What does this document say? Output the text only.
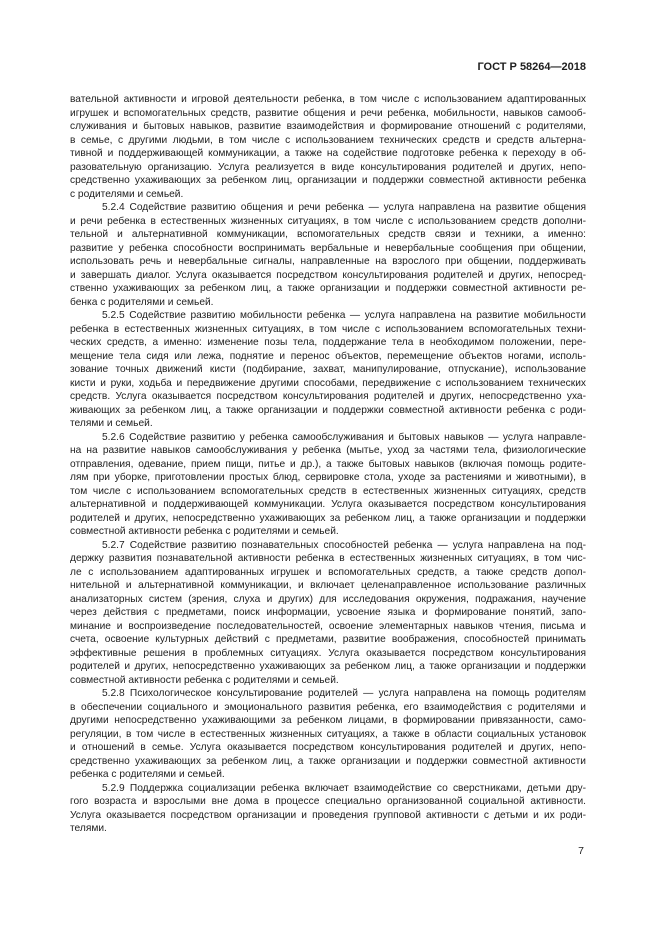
ГОСТ Р 58264—2018
вательной активности и игровой деятельности ребенка, в том числе с использованием адаптированных
игрушек и вспомогательных средств, развитие общения и речи ребенка, мобильности, навыков самооб-
служивания и бытовых навыков, развитие взаимодействия и формирование отношений с родителями,
в семье, с другими людьми, в том числе с использованием технических средств и средств альтерна-
тивной и поддерживающей коммуникации, а также на содействие подготовке ребенка к переходу в об-
разовательную организацию. Услуга реализуется в виде консультирования родителей и других, непо-
средственно ухаживающих за ребенком лиц, организации и поддержки совместной активности ребенка
с родителями и семьей.
5.2.4 Содействие развитию общения и речи ребенка — услуга направлена на развитие общения
и речи ребенка в естественных жизненных ситуациях, в том числе с использованием средств дополни-
тельной и альтернативной коммуникации, вспомогательных средств связи и техники, а именно:
развитие у ребенка способности воспринимать вербальные и невербальные сообщения при общении,
использовать речь и невербальные сигналы, направленные на взрослого при общении, поддерживать
и завершать диалог. Услуга оказывается посредством консультирования родителей и других, непосред-
ственно ухаживающих за ребенком лиц, а также организации и поддержки совместной активности ре-
бенка с родителями и семьей.
5.2.5 Содействие развитию мобильности ребенка — услуга направлена на развитие мобильности
ребенка в естественных жизненных ситуациях, в том числе с использованием вспомогательных техни-
ческих средств, а именно: изменение позы тела, поддержание тела в необходимом положении, пере-
мещение тела сидя или лежа, поднятие и перенос объектов, перемещение объектов ногами, исполь-
зование точных движений кисти (подбирание, захват, манипулирование, отпускание), использование
кисти и руки, ходьба и передвижение другими способами, передвижение с использованием технических
средств. Услуга оказывается посредством консультирования родителей и других, непосредственно уха-
живающих за ребенком лиц, а также организации и поддержки совместной активности ребенка с роди-
телями и семьей.
5.2.6 Содействие развитию у ребенка самообслуживания и бытовых навыков — услуга направле-
на на развитие навыков самообслуживания у ребенка (мытье, уход за частями тела, физиологические
отправления, одевание, прием пищи, питье и др.), а также бытовых навыков (включая помощь родите-
лям при уборке, приготовлении простых блюд, сервировке стола, уходе за растениями и животными), в
том числе с использованием вспомогательных средств в естественных жизненных ситуациях, средств
альтернативной и поддерживающей коммуникации. Услуга оказывается посредством консультирования
родителей и других, непосредственно ухаживающих за ребенком лиц, а также организации и поддержки
совместной активности ребенка с родителями и семьей.
5.2.7 Содействие развитию познавательных способностей ребенка — услуга направлена на под-
держку развития познавательной активности ребенка в естественных жизненных ситуациях, в том чис-
ле с использованием адаптированных игрушек и вспомогательных средств, а также средств допол-
нительной и альтернативной коммуникации, и включает целенаправленное использование различных
анализаторных систем (зрения, слуха и других) для исследования окружения, подражания, научение
через действия с предметами, поиск информации, усвоение языка и формирование понятий, запо-
минание и воспроизведение последовательностей, освоение элементарных навыков чтения, письма и
счета, освоение культурных действий с предметами, развитие воображения, способностей принимать
эффективные решения в проблемных ситуациях. Услуга оказывается посредством консультирования
родителей и других, непосредственно ухаживающих за ребенком лиц, а также организации и поддержки
совместной активности ребенка с родителями и семьей.
5.2.8 Психологическое консультирование родителей — услуга направлена на помощь родителям
в обеспечении социального и эмоционального развития ребенка, его взаимодействия с родителями и
другими непосредственно ухаживающими за ребенком лицами, в формировании привязанности, само-
регуляции, в том числе в естественных жизненных ситуациях, а также в области социальных установок
и отношений в семье. Услуга оказывается посредством консультирования родителей и других, непо-
средственно ухаживающих за ребенком лиц, а также организации и поддержки совместной активности
ребенка с родителями и семьей.
5.2.9 Поддержка социализации ребенка включает взаимодействие со сверстниками, детьми дру-
гого возраста и взрослыми вне дома в процессе специально организованной социальной активности.
Услуга оказывается посредством организации и проведения групповой активности с детьми и их роди-
телями.
7
